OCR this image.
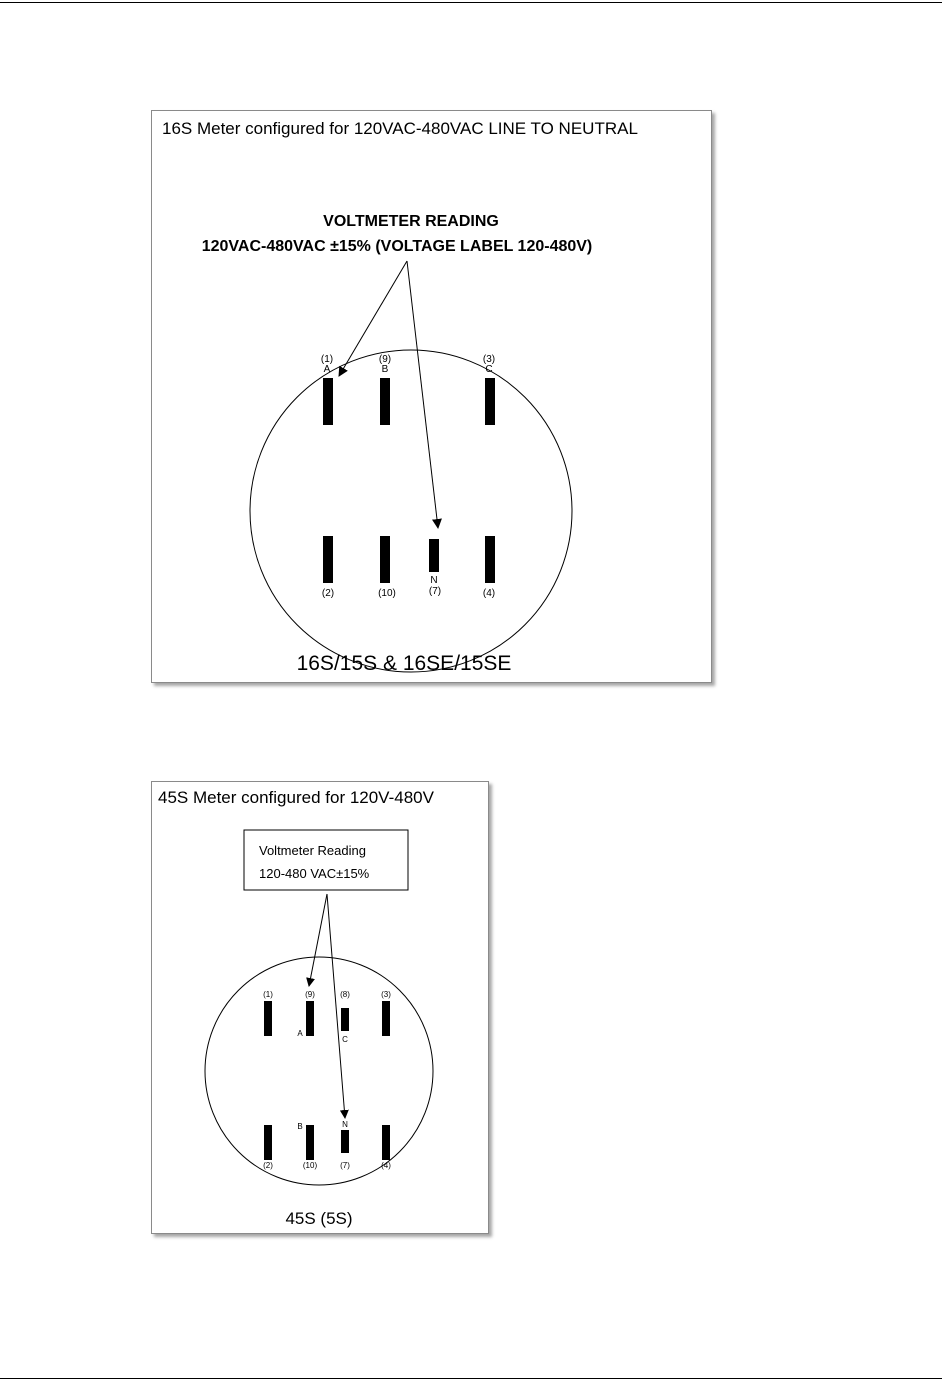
16S Meter configured for 120VAC-480VAC LINE TO NEUTRAL
VOLTMETER READING
120VAC-480VAC ±15% (VOLTAGE LABEL 120-480V)
(1)
A
(9)
B
(3)
C
(2)	(10)
N
(7)	(4)
16S/15S & 16SE/15SE
45S Meter configured for 120V-480V
Voltmeter Reading
120-480 VAC±15%
(1)	(9)
A
(8)
C
(3)
(2)
B
(10)
N
(7)	(4)
45S (5S)
